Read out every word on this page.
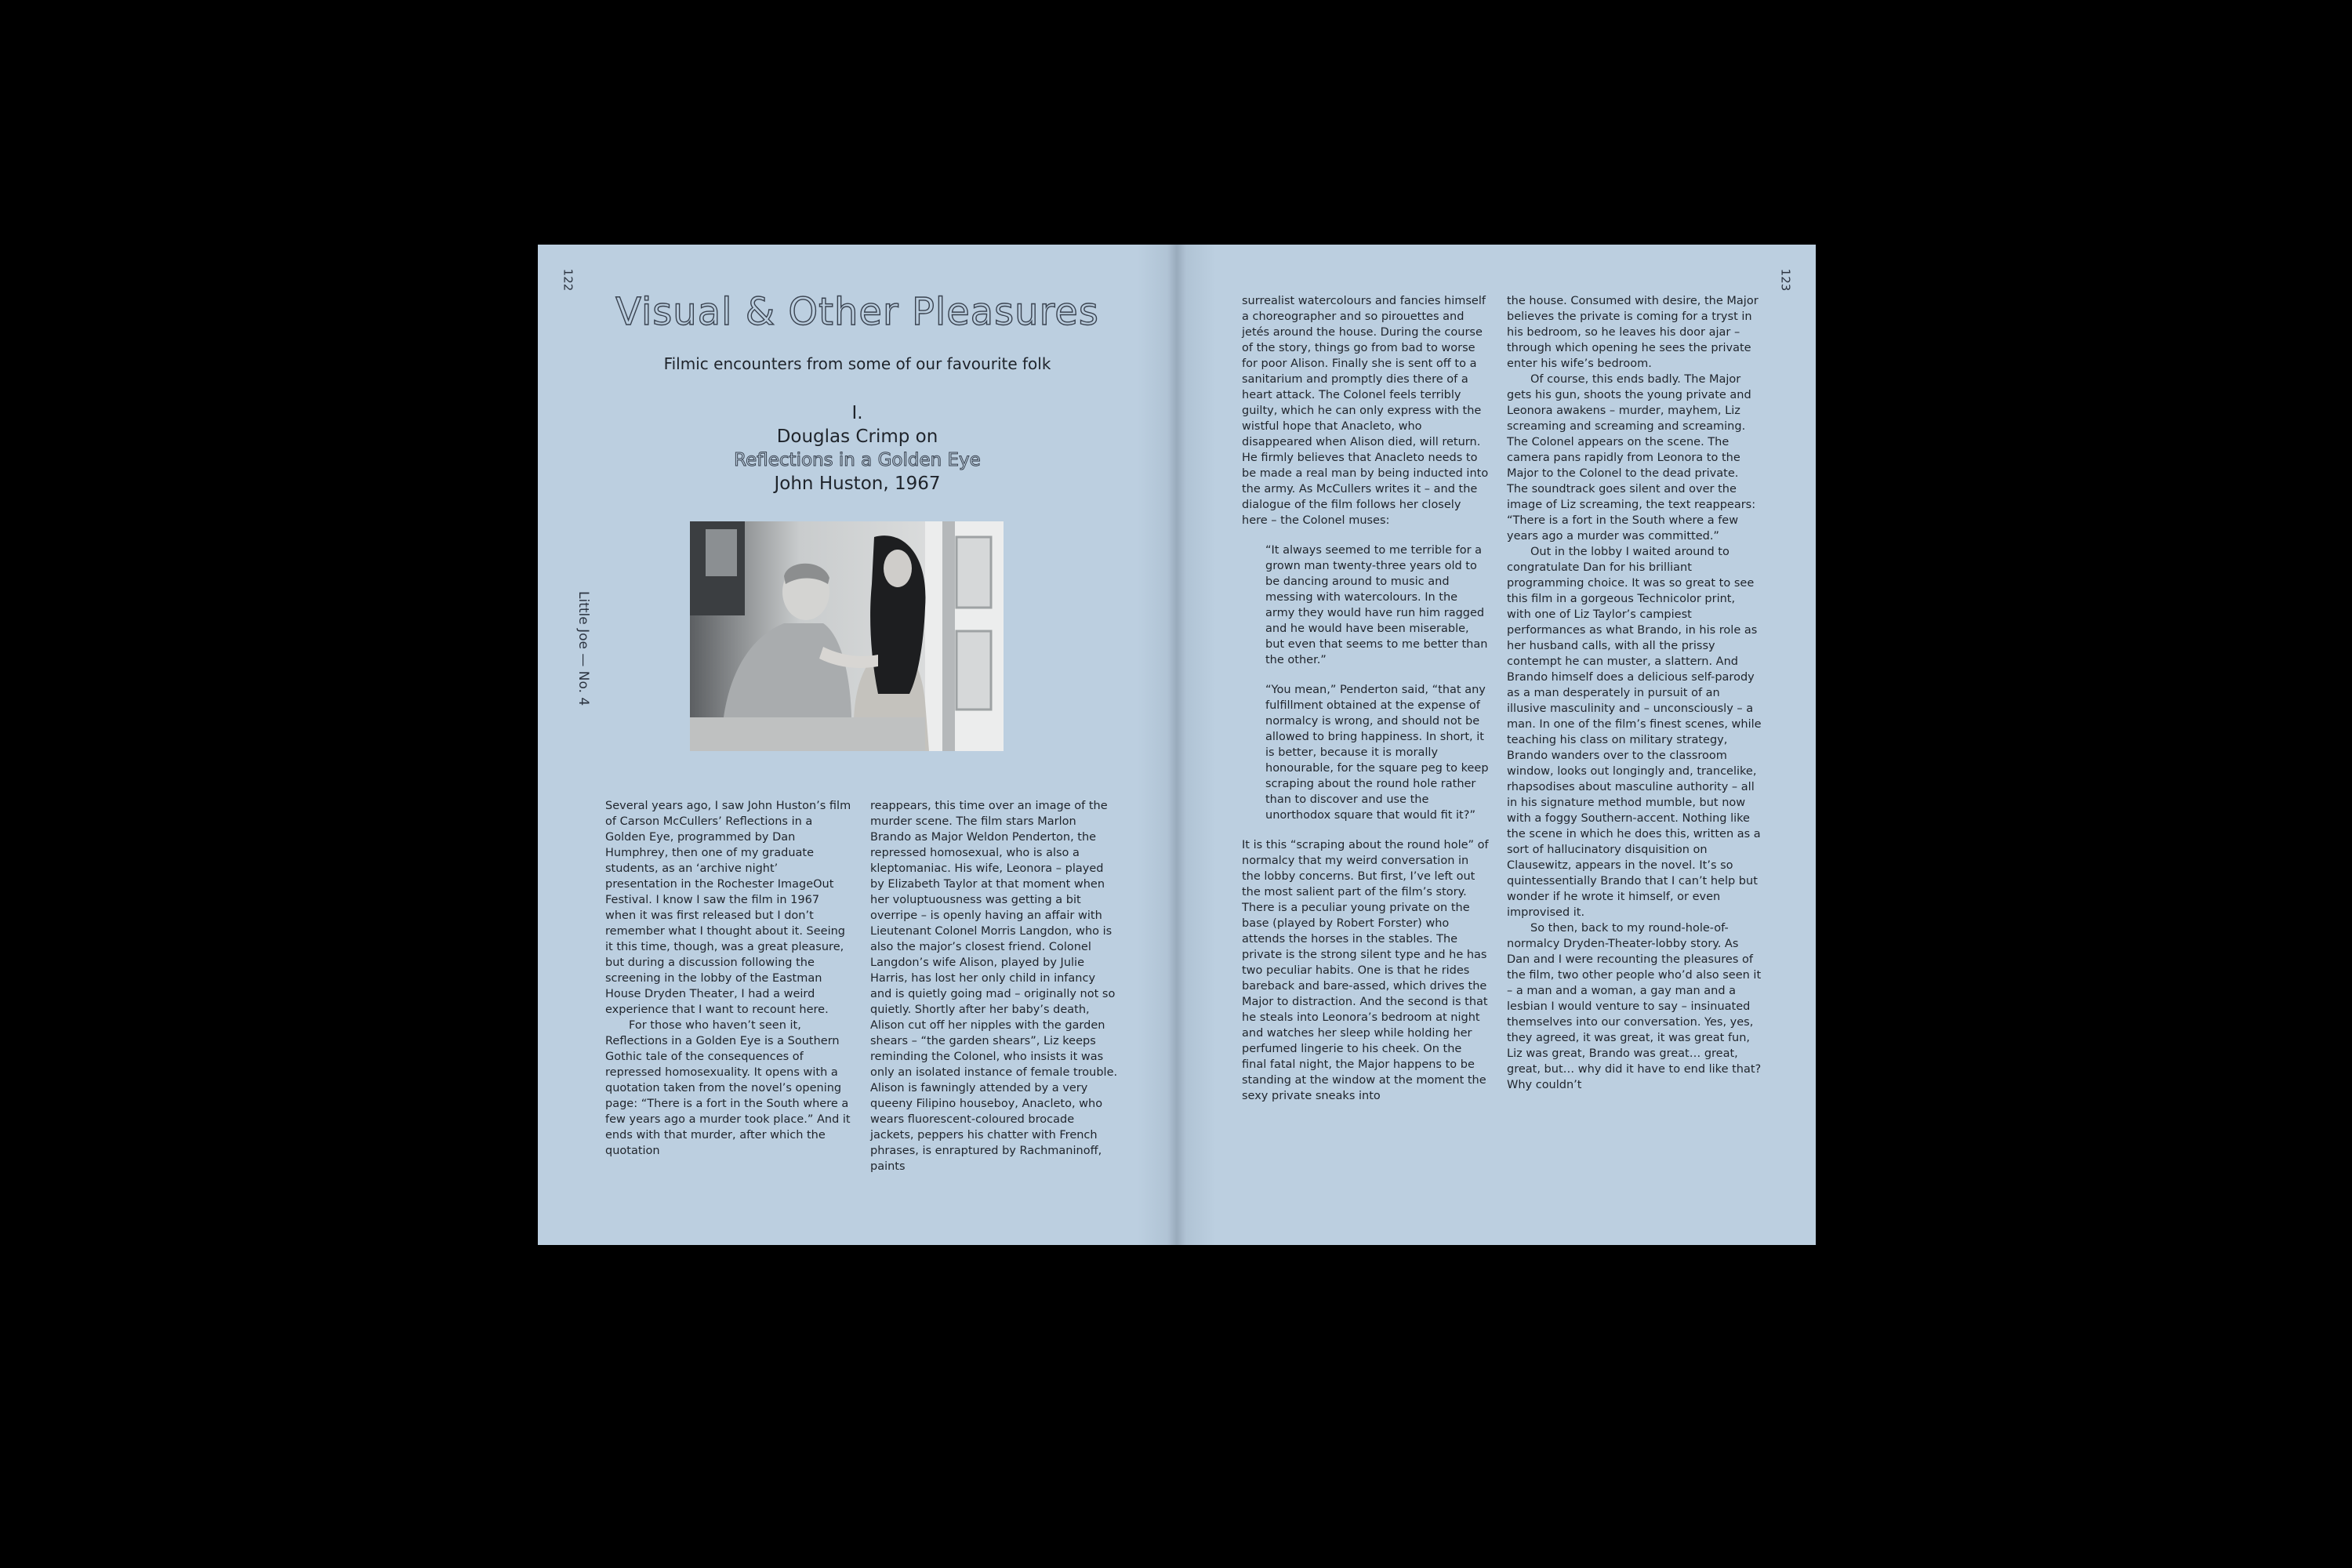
122
Little Joe — No. 4
Visual & Other Pleasures
Filmic encounters from some of our favourite folk
I.
Douglas Crimp on
Reflections in a Golden Eye
John Huston, 1967

Several years ago, I saw John Huston’s film of Carson McCullers’ Reflections in a Golden Eye, programmed by Dan Humphrey, then one of my graduate students, as an ‘archive night’ presentation in the Rochester ImageOut Festival. I know I saw the film in 1967 when it was first released but I don’t remember what I thought about it. Seeing it this time, though, was a great pleasure, but during a discussion following the screening in the lobby of the Eastman House Dryden Theater, I had a weird experience that I want to recount here.

For those who haven’t seen it, Reflections in a Golden Eye is a Southern Gothic tale of the consequences of repressed homosexuality. It opens with a quotation taken from the novel’s opening page: “There is a fort in the South where a few years ago a murder took place.” And it ends with that murder, after which the quotation

reappears, this time over an image of the murder scene. The film stars Marlon Brando as Major Weldon Penderton, the repressed homosexual, who is also a kleptomaniac. His wife, Leonora – played by Elizabeth Taylor at that moment when her voluptuousness was getting a bit overripe – is openly having an affair with Lieutenant Colonel Morris Langdon, who is also the major’s closest friend. Colonel Langdon’s wife Alison, played by Julie Harris, has lost her only child in infancy and is quietly going mad – originally not so quietly. Shortly after her baby’s death, Alison cut off her nipples with the garden shears – “the garden shears”, Liz keeps reminding the Colonel, who insists it was only an isolated instance of female trouble. Alison is fawningly attended by a very queeny Filipino houseboy, Anacleto, who wears fluorescent-coloured brocade jackets, peppers his chatter with French phrases, is enraptured by Rachmaninoff, paints

123

surrealist watercolours and fancies himself a choreographer and so pirouettes and jetés around the house. During the course of the story, things go from bad to worse for poor Alison. Finally she is sent off to a sanitarium and promptly dies there of a heart attack. The Colonel feels terribly guilty, which he can only express with the wistful hope that Anacleto, who disappeared when Alison died, will return. He firmly believes that Anacleto needs to be made a real man by being inducted into the army. As McCullers writes it – and the dialogue of the film follows her closely here – the Colonel muses:

“It always seemed to me terrible for a grown man twenty-three years old to be dancing around to music and messing with watercolours. In the army they would have run him ragged and he would have been miserable, but even that seems to me better than the other.”

“You mean,” Penderton said, “that any fulfillment obtained at the expense of normalcy is wrong, and should not be allowed to bring happiness. In short, it is better, because it is morally honourable, for the square peg to keep scraping about the round hole rather than to discover and use the unorthodox square that would fit it?”

It is this “scraping about the round hole” of normalcy that my weird conversation in the lobby concerns. But first, I’ve left out the most salient part of the film’s story. There is a peculiar young private on the base (played by Robert Forster) who attends the horses in the stables. The private is the strong silent type and he has two peculiar habits. One is that he rides bareback and bare-assed, which drives the Major to distraction. And the second is that he steals into Leonora’s bedroom at night and watches her sleep while holding her perfumed lingerie to his cheek. On the final fatal night, the Major happens to be standing at the window at the moment the sexy private sneaks into

the house. Consumed with desire, the Major believes the private is coming for a tryst in his bedroom, so he leaves his door ajar – through which opening he sees the private enter his wife’s bedroom.

Of course, this ends badly. The Major gets his gun, shoots the young private and Leonora awakens – murder, mayhem, Liz screaming and screaming and screaming. The Colonel appears on the scene. The camera pans rapidly from Leonora to the Major to the Colonel to the dead private. The soundtrack goes silent and over the image of Liz screaming, the text reappears: “There is a fort in the South where a few years ago a murder was committed.”

Out in the lobby I waited around to congratulate Dan for his brilliant programming choice. It was so great to see this film in a gorgeous Technicolor print, with one of Liz Taylor’s campiest performances as what Brando, in his role as her husband calls, with all the prissy contempt he can muster, a slattern. And Brando himself does a delicious self-parody as a man desperately in pursuit of an illusive masculinity and – unconsciously – a man. In one of the film’s finest scenes, while teaching his class on military strategy, Brando wanders over to the classroom window, looks out longingly and, trancelike, rhapsodises about masculine authority – all in his signature method mumble, but now with a foggy Southern-accent. Nothing like the scene in which he does this, written as a sort of hallucinatory disquisition on Clausewitz, appears in the novel. It’s so quintessentially Brando that I can’t help but wonder if he wrote it himself, or even improvised it.

So then, back to my round-hole-of-normalcy Dryden-Theater-lobby story. As Dan and I were recounting the pleasures of the film, two other people who’d also seen it – a man and a woman, a gay man and a lesbian I would venture to say – insinuated themselves into our conversation. Yes, yes, they agreed, it was great, it was great fun, Liz was great, Brando was great… great, great, but… why did it have to end like that? Why couldn’t
